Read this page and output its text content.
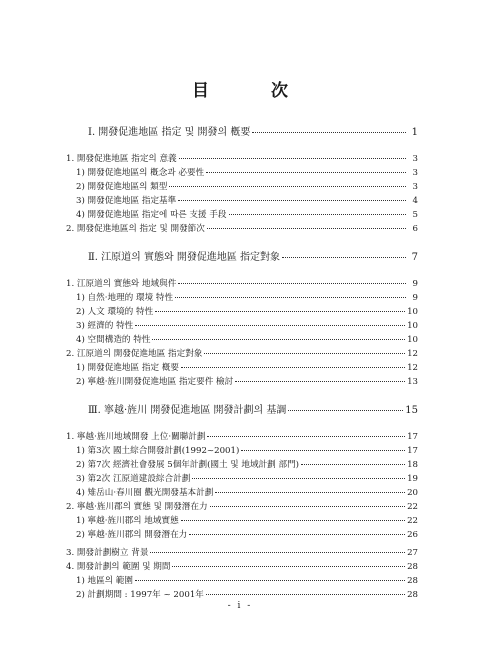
目 次
Ⅰ. 開發促進地區 指定 및 開發의 槪要	1
1. 開發促進地區 指定의 意義	3
1) 開發促進地區의 槪念과 必要性	3
2) 開發促進地區의 類型	3
3) 開發促進地區 指定基準	4
4) 開發促進地區 指定에 따른 支援 手段	5
2. 開發促進地區의 指定 및 開發節次	6
Ⅱ. 江原道의 實態와 開發促進地區 指定對象	7
1. 江原道의 實態와 地域與件	9
1) 自然·地理的 環境 特性	9
2) 人文 環境的 特性	10
3) 經濟的 特性	10
4) 空間構造的 特性	10
2. 江原道의 開發促進地區 指定對象	12
1) 開發促進地區 指定 槪要	12
2) 寧越·旌川開發促進地區 指定要件 檢討	13
Ⅲ. 寧越·旌川 開發促進地區 開發計劃의 基調	15
1. 寧越·旌川地域開發 上位·關聯計劃	17
1) 第3次 國土綜合開發計劃(1992~2001)	17
2) 第7次 經濟社會發展 5個年計劃(國土 및 地域計劃 部門)	18
3) 第2次 江原道建設綜合計劃	19
4) 雉岳山·春川圈 觀光開發基本計劃	20
2. 寧越·旌川郡의 實態 및 開發潛在力	22
1) 寧越·旌川郡의 地域實態	22
2) 寧越·旌川郡의 開發潛在力	26
3. 開發計劃樹立 背景	27
4. 開發計劃의 範圍 및 期間	28
1) 地區의 範圍	28
2) 計劃期間 : 1997年 ~ 2001年	28
- i -
